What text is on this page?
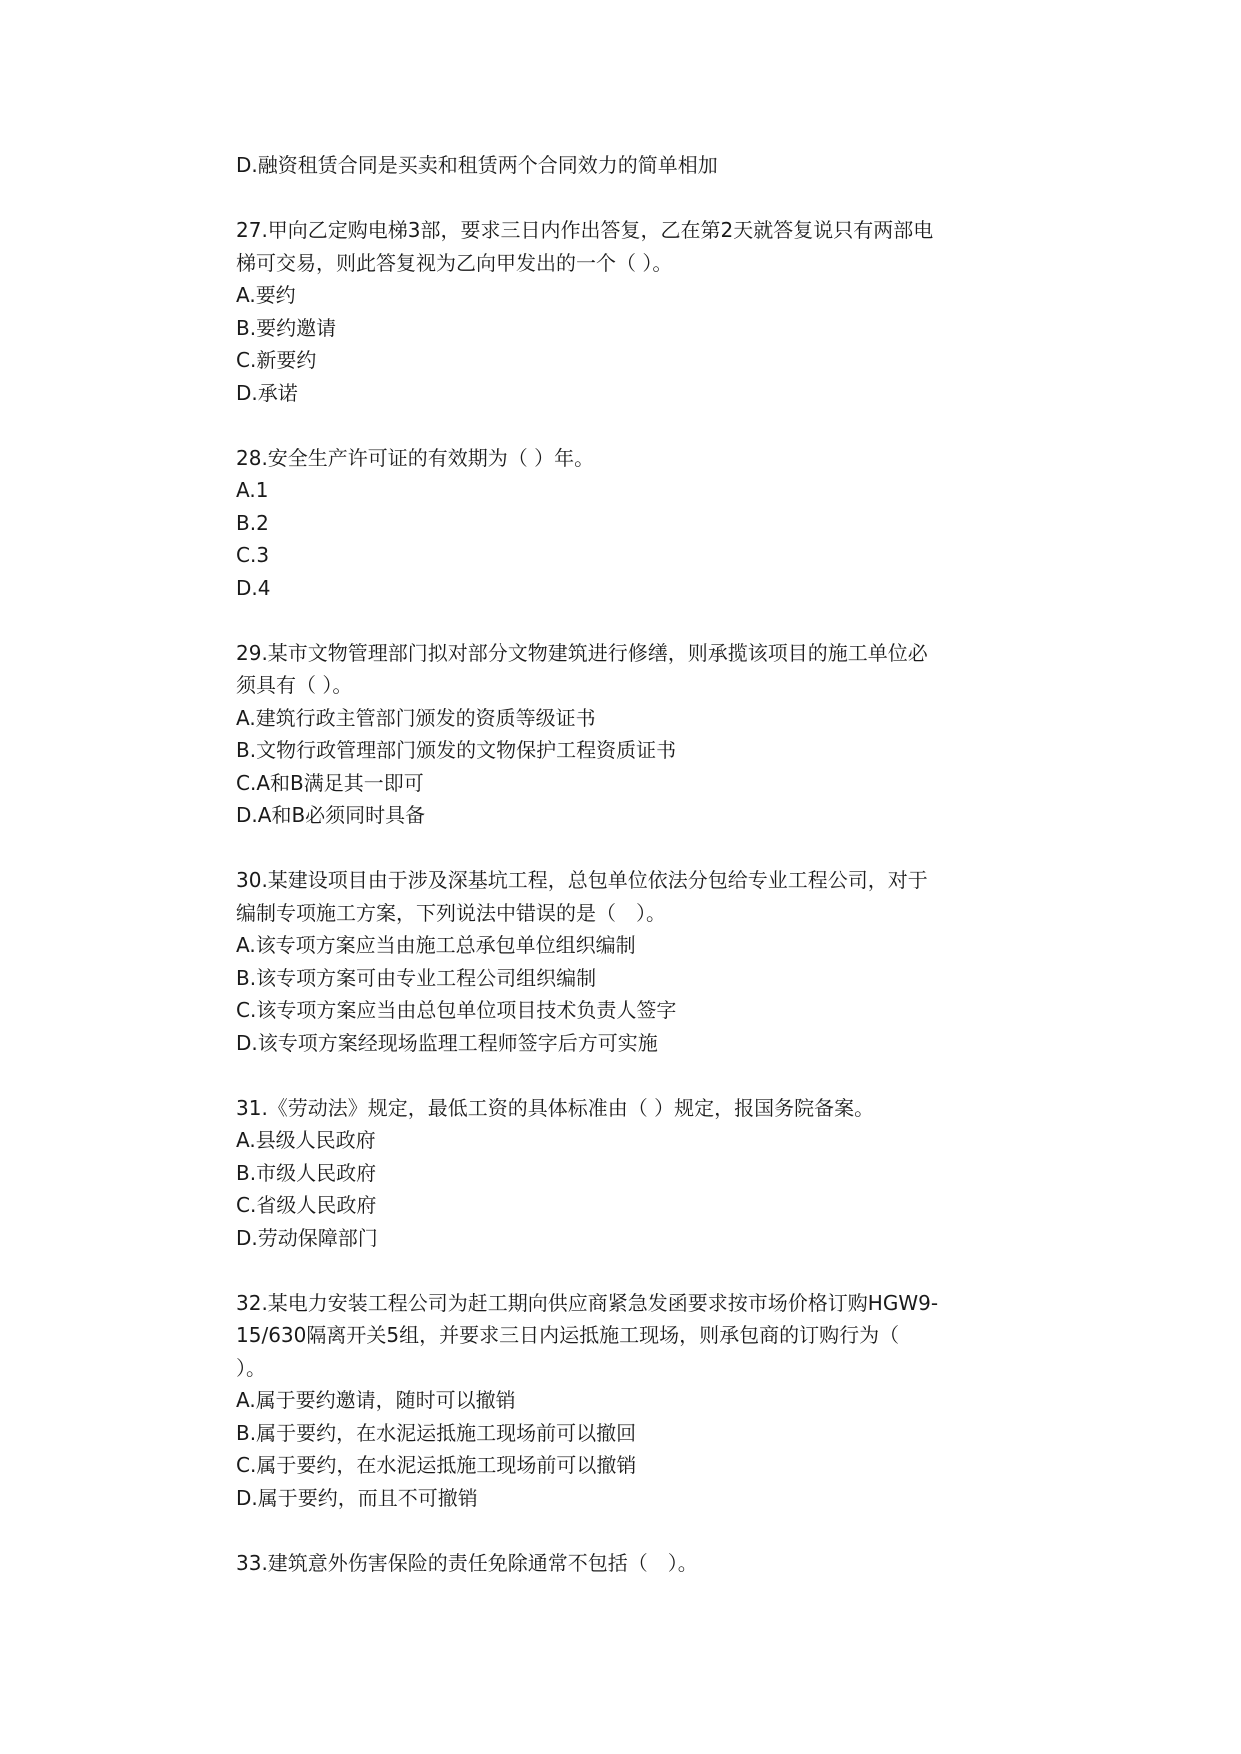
D.融资租赁合同是买卖和租赁两个合同效力的简单相加
27.甲向乙定购电梯3部，要求三日内作出答复，乙在第2天就答复说只有两部电
梯可交易，则此答复视为乙向甲发出的一个（ ）。
A.要约
B.要约邀请
C.新要约
D.承诺
28.安全生产许可证的有效期为（ ）年。
A.1
B.2
C.3
D.4
29.某市文物管理部门拟对部分文物建筑进行修缮，则承揽该项目的施工单位必
须具有（ ）。
A.建筑行政主管部门颁发的资质等级证书
B.文物行政管理部门颁发的文物保护工程资质证书
C.A和B满足其一即可
D.A和B必须同时具备
30.某建设项目由于涉及深基坑工程，总包单位依法分包给专业工程公司，对于
编制专项施工方案，下列说法中错误的是（　）。
A.该专项方案应当由施工总承包单位组织编制
B.该专项方案可由专业工程公司组织编制
C.该专项方案应当由总包单位项目技术负责人签字
D.该专项方案经现场监理工程师签字后方可实施
31.《劳动法》规定，最低工资的具体标准由（ ）规定，报国务院备案。
A.县级人民政府
B.市级人民政府
C.省级人民政府
D.劳动保障部门
32.某电力安装工程公司为赶工期向供应商紧急发函要求按市场价格订购HGW9-
15/630隔离开关5组，并要求三日内运抵施工现场，则承包商的订购行为（
）。
A.属于要约邀请，随时可以撤销
B.属于要约，在水泥运抵施工现场前可以撤回
C.属于要约，在水泥运抵施工现场前可以撤销
D.属于要约，而且不可撤销
33.建筑意外伤害保险的责任免除通常不包括（　）。
